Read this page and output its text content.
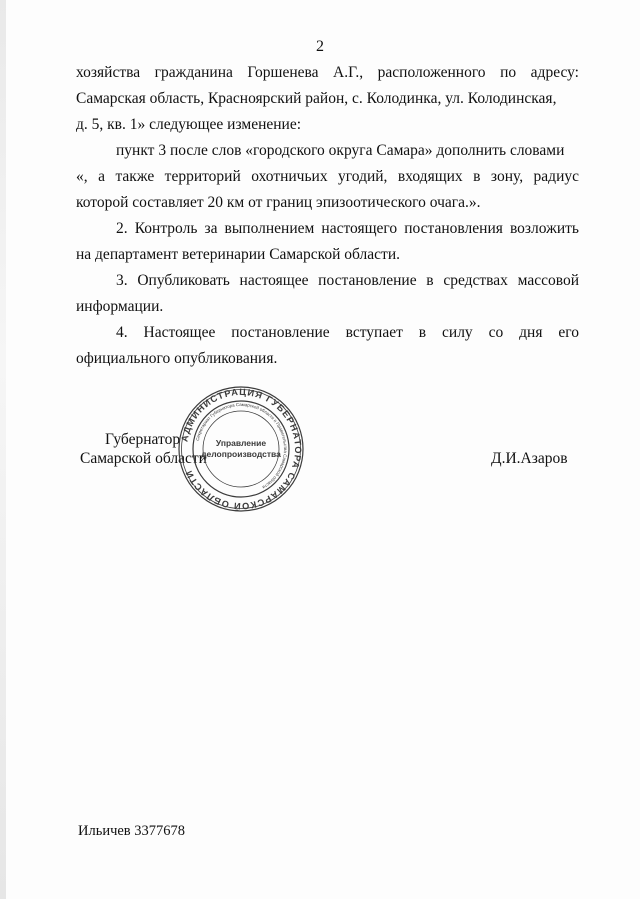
2
хозяйства гражданина Горшенева А.Г., расположенного по адресу:
Самарская область, Красноярский район, с. Колодинка, ул. Колодинская,
д. 5, кв. 1» следующее изменение:
пункт 3 после слов «городского округа Самара» дополнить словами
«, а также территорий охотничьих угодий, входящих в зону, радиус
которой составляет 20 км от границ эпизоотического очага.».
2. Контроль за выполнением настоящего постановления возложить
на департамент ветеринарии Самарской области.
3. Опубликовать настоящее постановление в средствах массовой
информации.
4. Настоящее постановление вступает в силу со дня его
официального опубликования.
Губернатор
Самарской области	Д.И.Азаров
АДМИНИСТРАЦИЯ ГУБЕРНАТОРА САМАРСКОЙ ОБЛАСТИ
Секретариат Губернатора Самарской области и Правительства Самарской области
Управление
делопроизводства
Ильичев 3377678
